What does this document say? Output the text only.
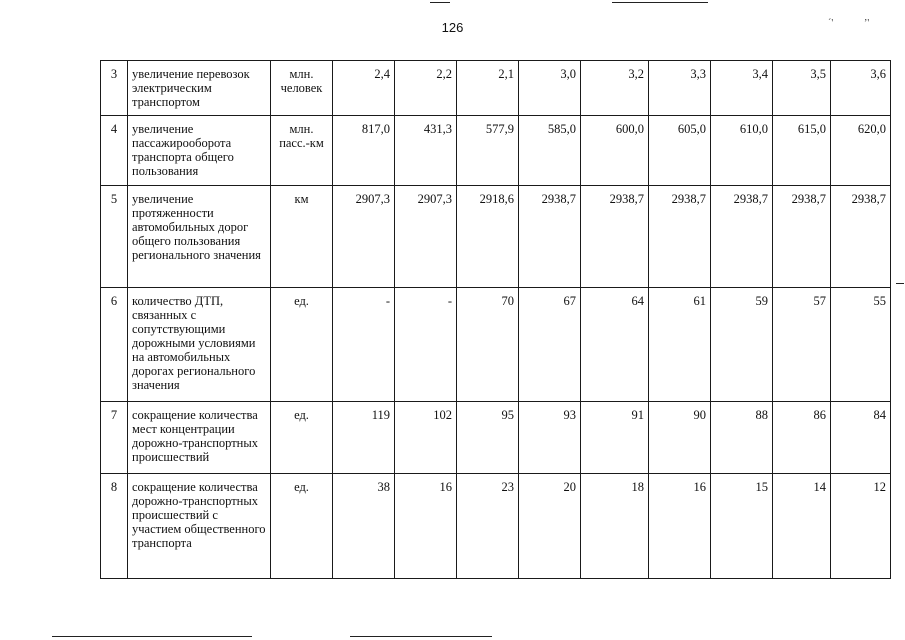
126	´'	ʼ'
3	увеличение перевозок электрическим транспортом	млн. человек	2,4	2,2	2,1	3,0	3,2	3,3	3,4	3,5	3,6
4	увеличение пассажирооборота транспорта общего пользования	млн. пасс.-км	817,0	431,3	577,9	585,0	600,0	605,0	610,0	615,0	620,0
5	увеличение протяженности автомобильных дорог общего пользования регионального значения	км	2907,3	2907,3	2918,6	2938,7	2938,7	2938,7	2938,7	2938,7	2938,7
6	количество ДТП, связанных с сопутствующими дорожными условиями на автомобильных дорогах регионального значения	ед.	-	-	70	67	64	61	59	57	55
7	сокращение количества мест концентрации дорожно-транспортных происшествий	ед.	119	102	95	93	91	90	88	86	84
8	сокращение количества дорожно-транспортных происшествий с участием общественного транспорта	ед.	38	16	23	20	18	16	15	14	12
